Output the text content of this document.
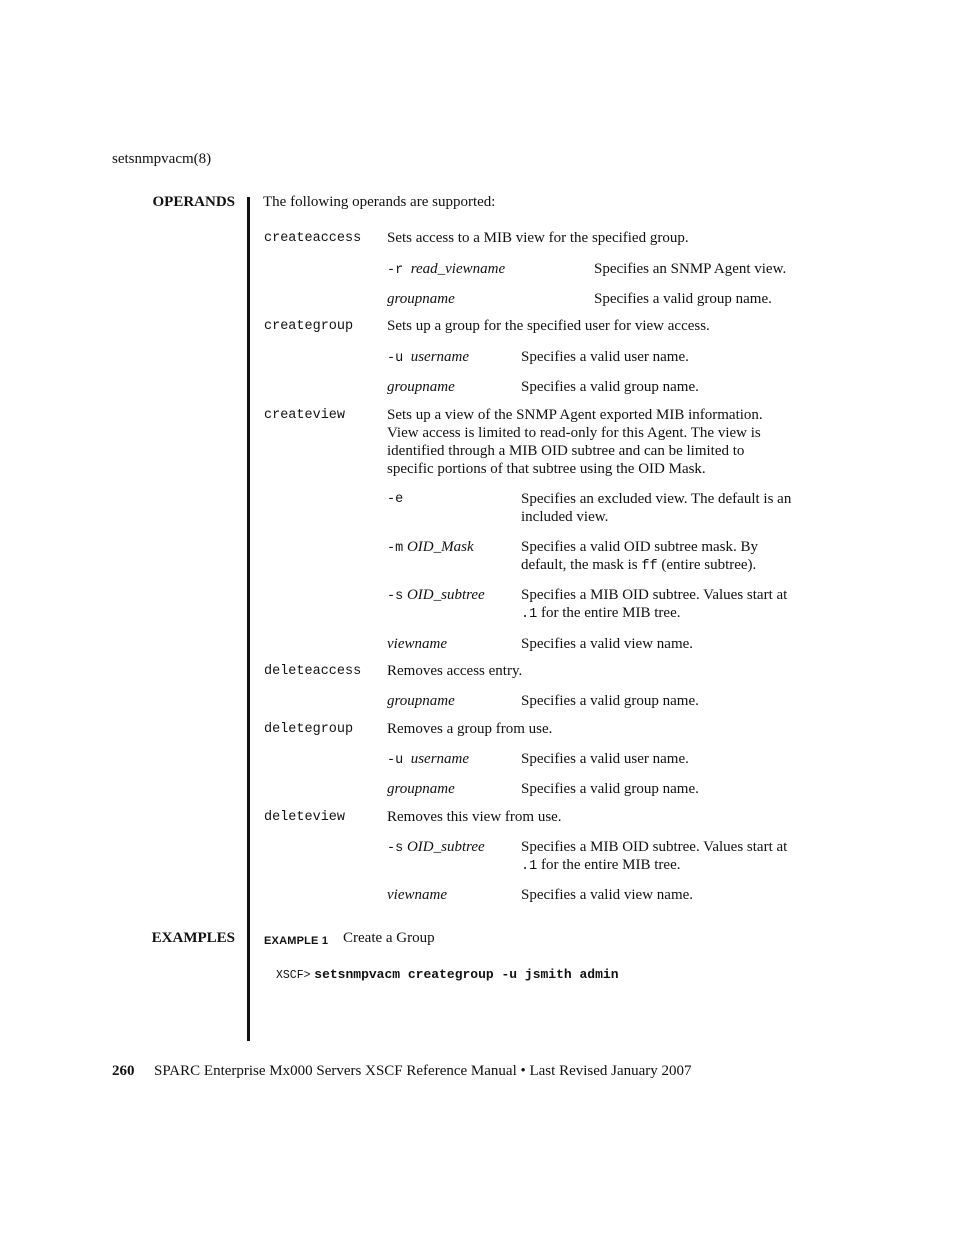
setsnmpvacm(8)
OPERANDS The following operands are supported:
createaccess Sets access to a MIB view for the specified group.
-r read_viewname	Specifies an SNMP Agent view.
groupname	Specifies a valid group name.
creategroup Sets up a group for the specified user for view access.
-u username	Specifies a valid user name.
groupname	Specifies a valid group name.
createview	Sets up a view of the SNMP Agent exported MIB information.
View access is limited to read-only for this Agent. The view is
identified through a MIB OID subtree and can be limited to
specific portions of that subtree using the OID Mask.
-e	Specifies an excluded view. The default is an
included view.
-m OID_Mask	Specifies a valid OID subtree mask. By
default, the mask is ff (entire subtree).
-s OID_subtree Specifies a MIB OID subtree. Values start at
.1 for the entire MIB tree.
viewname	Specifies a valid view name.
deleteaccess Removes access entry.
groupname	Specifies a valid group name.
deletegroup Removes a group from use.
-u username	Specifies a valid user name.
groupname	Specifies a valid group name.
deleteview	Removes this view from use.
-s OID_subtree Specifies a MIB OID subtree. Values start at
.1 for the entire MIB tree.
viewname	Specifies a valid view name.
EXAMPLES	EXAMPLE 1 Create a Group
XSCF> setsnmpvacm creategroup -u jsmith admin
260 SPARC Enterprise Mx000 Servers XSCF Reference Manual • Last Revised January 2007
